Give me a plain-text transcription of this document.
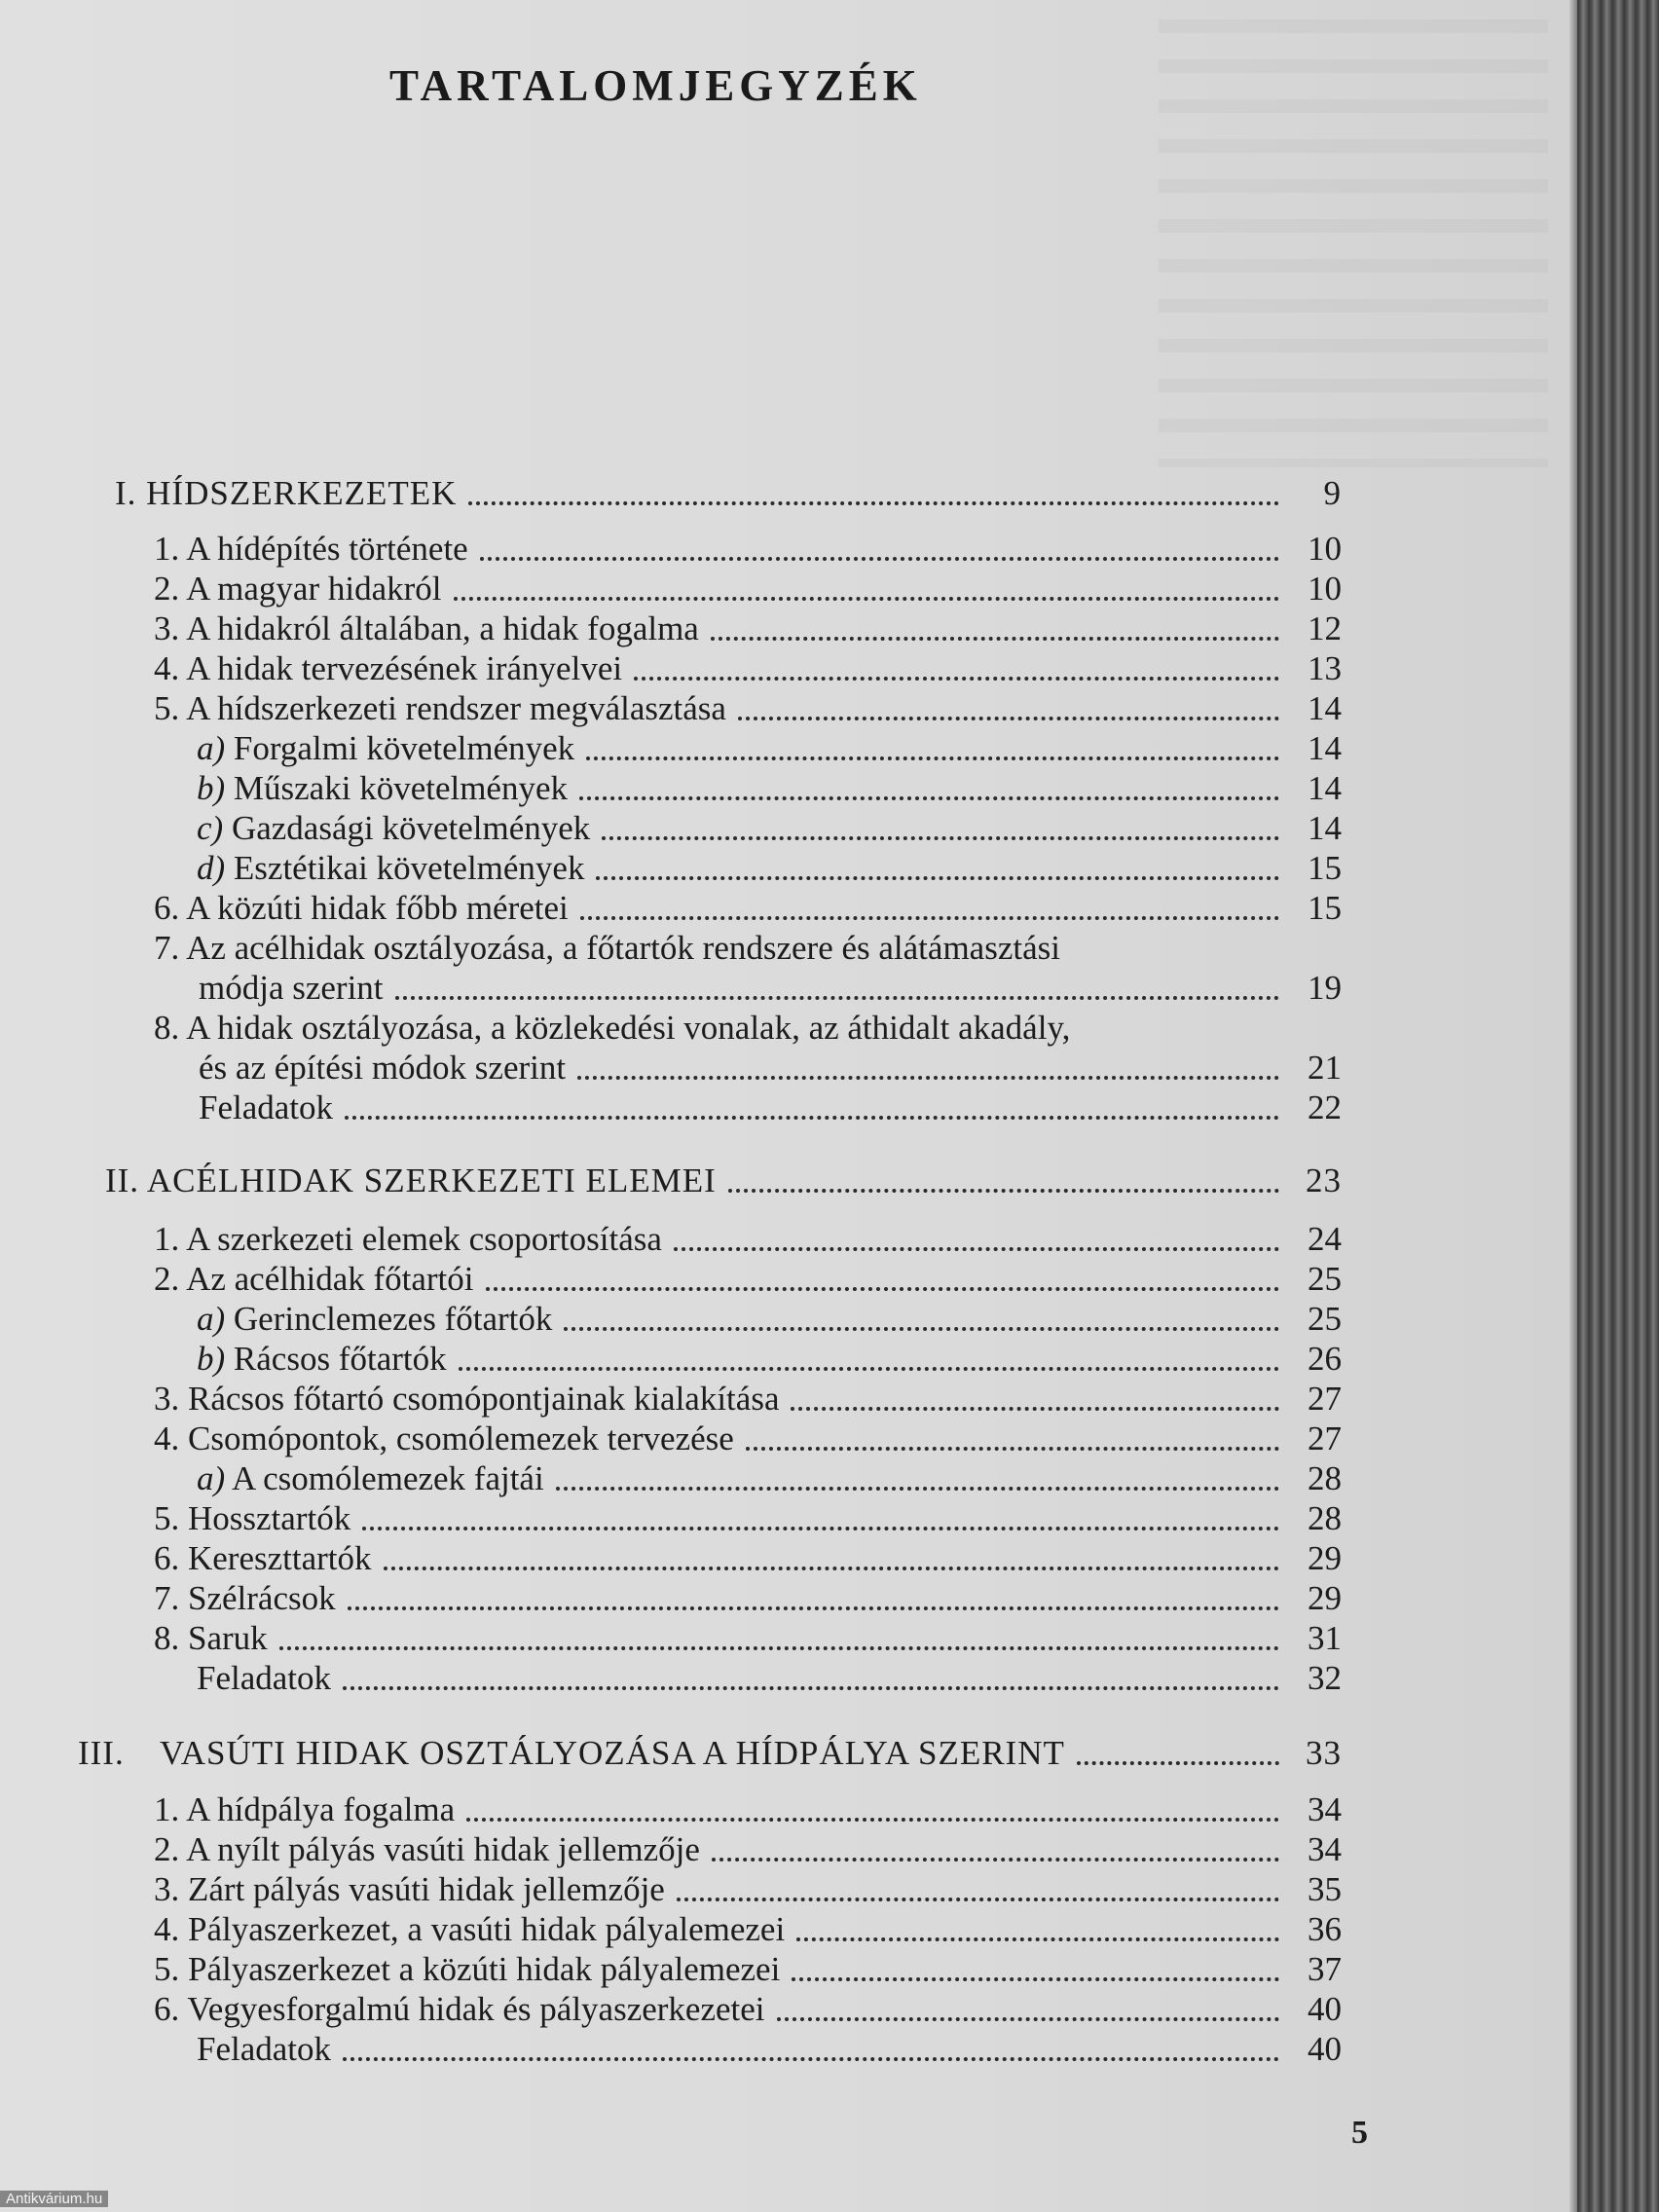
TARTALOMJEGYZÉK
I. HÍDSZERKEZETEK	9
1. A hídépítés története	10
2. A magyar hidakról	10
3. A hidakról általában, a hidak fogalma	12
4. A hidak tervezésének irányelvei	13
5. A hídszerkezeti rendszer megválasztása	14
a) Forgalmi követelmények	14
b) Műszaki követelmények	14
c) Gazdasági követelmények	14
d) Esztétikai követelmények	15
6. A közúti hidak főbb méretei	15
7. Az acélhidak osztályozása, a főtartók rendszere és alátámasztási
módja szerint	19
8. A hidak osztályozása, a közlekedési vonalak, az áthidalt akadály,
és az építési módok szerint	21
Feladatok	22
II. ACÉLHIDAK SZERKEZETI ELEMEI	23
1. A szerkezeti elemek csoportosítása	24
2. Az acélhidak főtartói	25
a) Gerinclemezes főtartók	25
b) Rácsos főtartók	26
3. Rácsos főtartó csomópontjainak kialakítása	27
4. Csomópontok, csomólemezek tervezése	27
a) A csomólemezek fajtái	28
5. Hossztartók	28
6. Kereszttartók	29
7. Szélrácsok	29
8. Saruk	31
Feladatok	32
III. VASÚTI HIDAK OSZTÁLYOZÁSA A HÍDPÁLYA SZERINT	33
1. A hídpálya fogalma	34
2. A nyílt pályás vasúti hidak jellemzője	34
3. Zárt pályás vasúti hidak jellemzője	35
4. Pályaszerkezet, a vasúti hidak pályalemezei	36
5. Pályaszerkezet a közúti hidak pályalemezei	37
6. Vegyesforgalmú hidak és pályaszerkezetei	40
Feladatok	40
5
Antikvárium.hu
